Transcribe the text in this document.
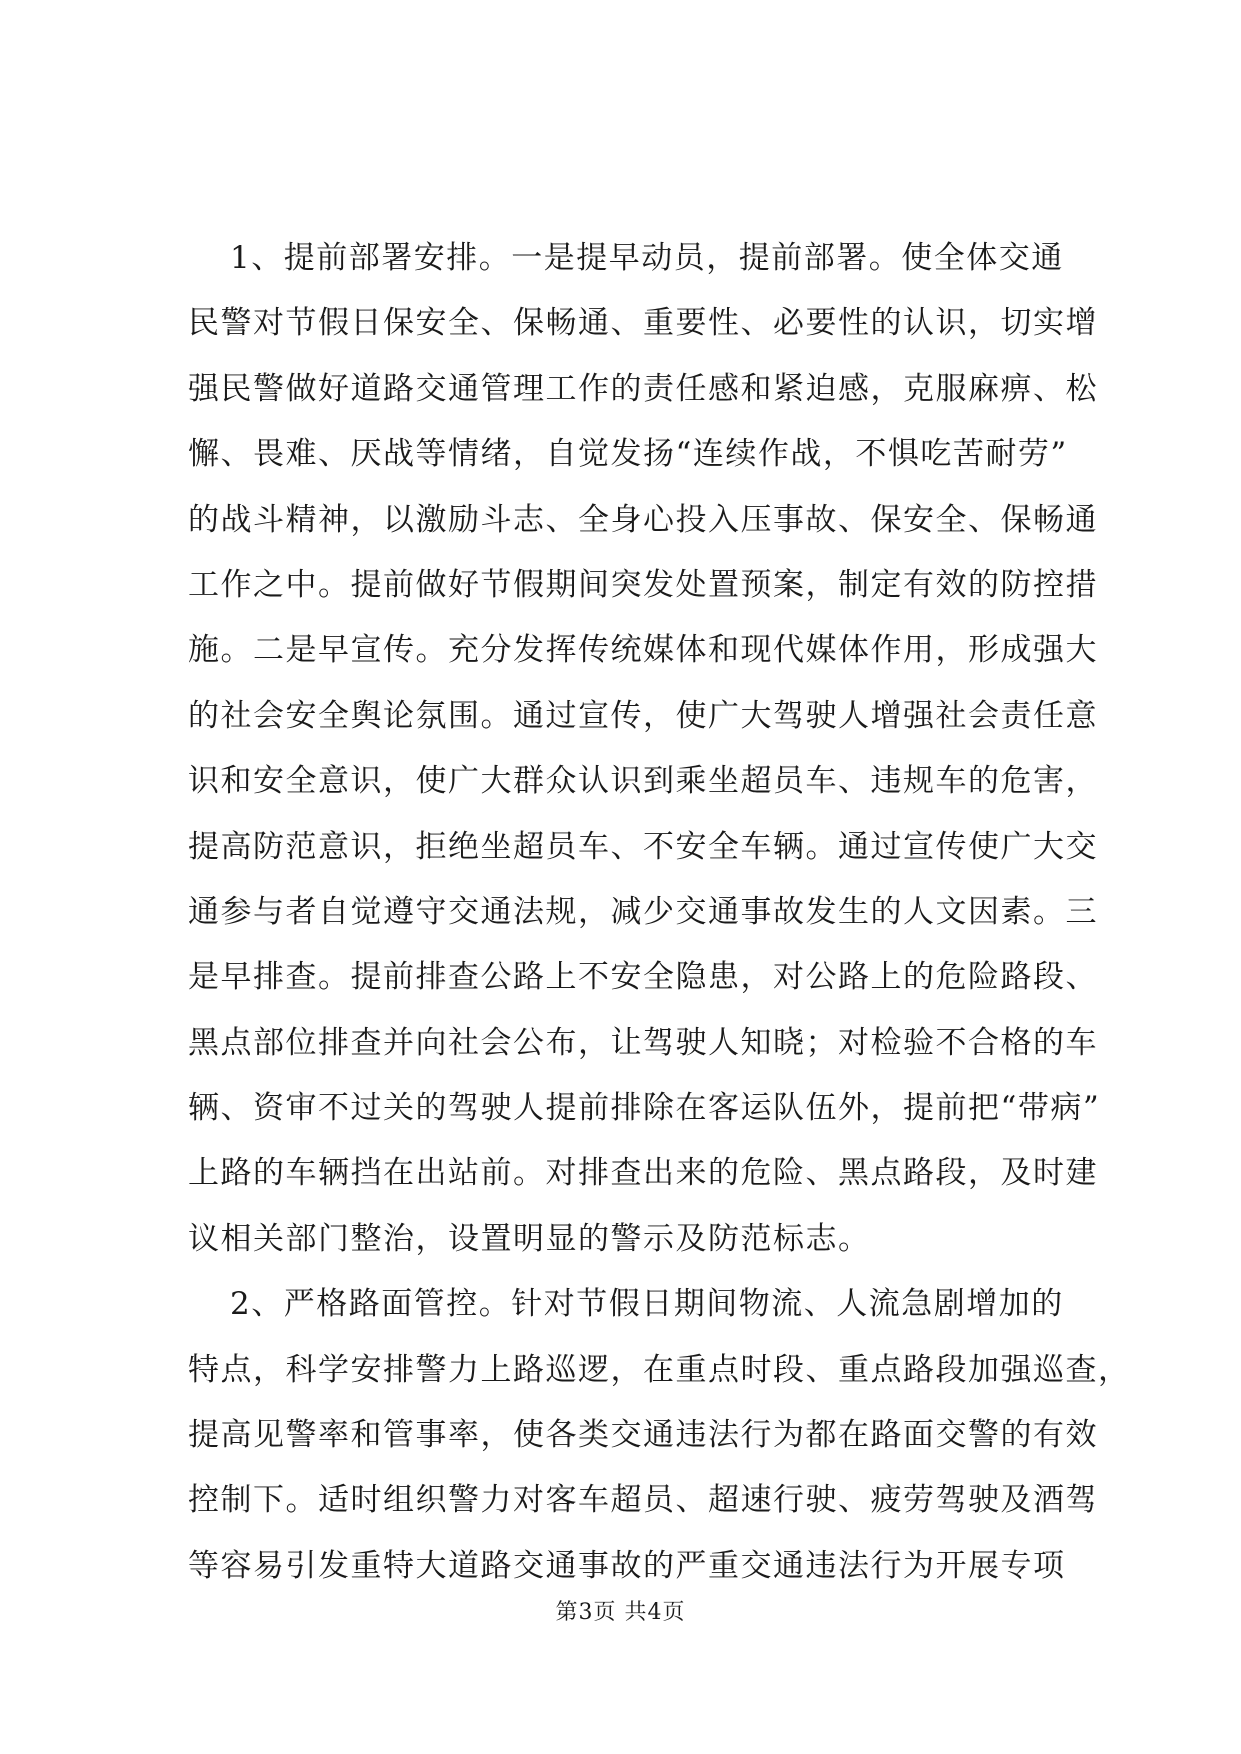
1、提前部署安排。一是提早动员，提前部署。使全体交通
民警对节假日保安全、保畅通、重要性、必要性的认识，切实增
强民警做好道路交通管理工作的责任感和紧迫感，克服麻痹、松
懈、畏难、厌战等情绪，自觉发扬“连续作战，不惧吃苦耐劳”
的战斗精神，以激励斗志、全身心投入压事故、保安全、保畅通
工作之中。提前做好节假期间突发处置预案，制定有效的防控措
施。二是早宣传。充分发挥传统媒体和现代媒体作用，形成强大
的社会安全舆论氛围。通过宣传，使广大驾驶人增强社会责任意
识和安全意识，使广大群众认识到乘坐超员车、违规车的危害，
提高防范意识，拒绝坐超员车、不安全车辆。通过宣传使广大交
通参与者自觉遵守交通法规，减少交通事故发生的人文因素。三
是早排查。提前排查公路上不安全隐患，对公路上的危险路段、
黑点部位排查并向社会公布，让驾驶人知晓；对检验不合格的车
辆、资审不过关的驾驶人提前排除在客运队伍外，提前把“带病”
上路的车辆挡在出站前。对排查出来的危险、黑点路段，及时建
议相关部门整治，设置明显的警示及防范标志。
2、严格路面管控。针对节假日期间物流、人流急剧增加的
特点，科学安排警力上路巡逻，在重点时段、重点路段加强巡查，
提高见警率和管事率，使各类交通违法行为都在路面交警的有效
控制下。适时组织警力对客车超员、超速行驶、疲劳驾驶及酒驾
等容易引发重特大道路交通事故的严重交通违法行为开展专项
第3页 共4页
